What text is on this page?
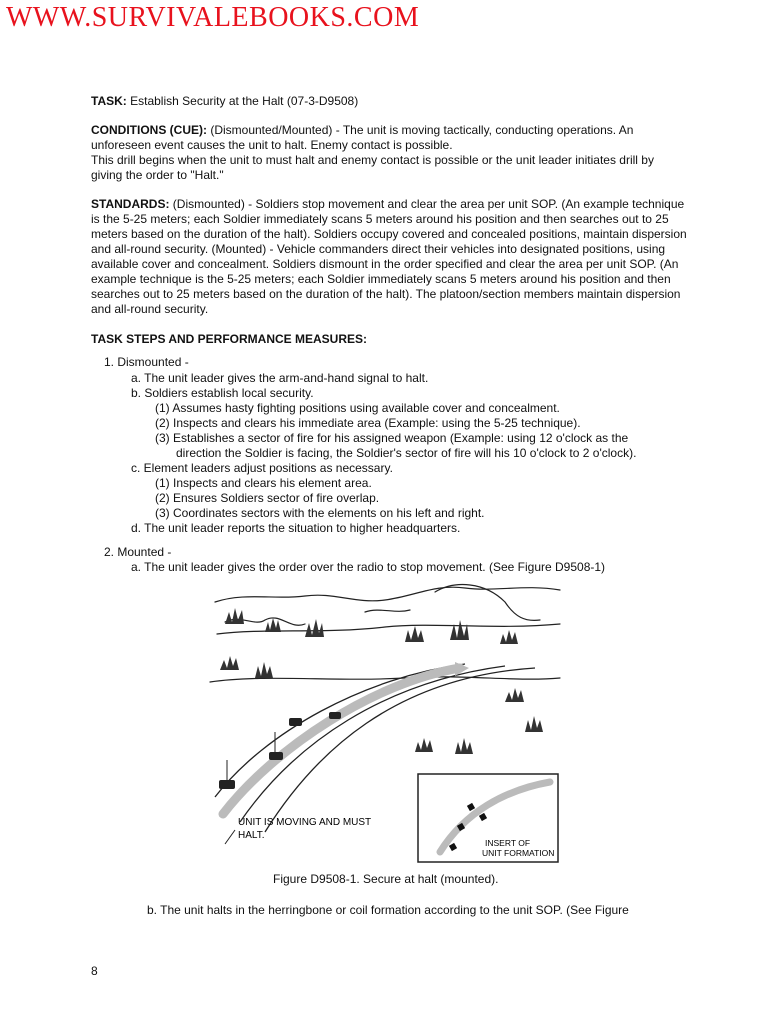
WWW.SURVIVALEBOOKS.COM
TASK: Establish Security at the Halt (07-3-D9508)
CONDITIONS (CUE): (Dismounted/Mounted) - The unit is moving tactically, conducting operations. An unforeseen event causes the unit to halt. Enemy contact is possible.
This drill begins when the unit to must halt and enemy contact is possible or the unit leader initiates drill by giving the order to "Halt."
STANDARDS: (Dismounted) - Soldiers stop movement and clear the area per unit SOP. (An example technique is the 5-25 meters; each Soldier immediately scans 5 meters around his position and then searches out to 25 meters based on the duration of the halt). Soldiers occupy covered and concealed positions, maintain dispersion and all-round security. (Mounted) - Vehicle commanders direct their vehicles into designated positions, using available cover and concealment. Soldiers dismount in the order specified and clear the area per unit SOP. (An example technique is the 5-25 meters; each Soldier immediately scans 5 meters around his position and then searches out to 25 meters based on the duration of the halt). The platoon/section members maintain dispersion and all-round security.
TASK STEPS AND PERFORMANCE MEASURES:
1. Dismounted -
a. The unit leader gives the arm-and-hand signal to halt.
b. Soldiers establish local security.
(1) Assumes hasty fighting positions using available cover and concealment.
(2) Inspects and clears his immediate area (Example: using the 5-25 technique).
(3) Establishes a sector of fire for his assigned weapon (Example: using 12 o'clock as the
direction the Soldier is facing, the Soldier's sector of fire will his 10 o'clock to 2 o'clock).
c. Element leaders adjust positions as necessary.
(1) Inspects and clears his element area.
(2) Ensures Soldiers sector of fire overlap.
(3) Coordinates sectors with the elements on his left and right.
d. The unit leader reports the situation to higher headquarters.
2. Mounted -
a. The unit leader gives the order over the radio to stop movement. (See Figure D9508-1)
UNIT IS MOVING AND MUST
HALT.
INSERT OF
UNIT FORMATION
Figure D9508-1. Secure at halt (mounted).
b. The unit halts in the herringbone or coil formation according to the unit SOP. (See Figure
8
